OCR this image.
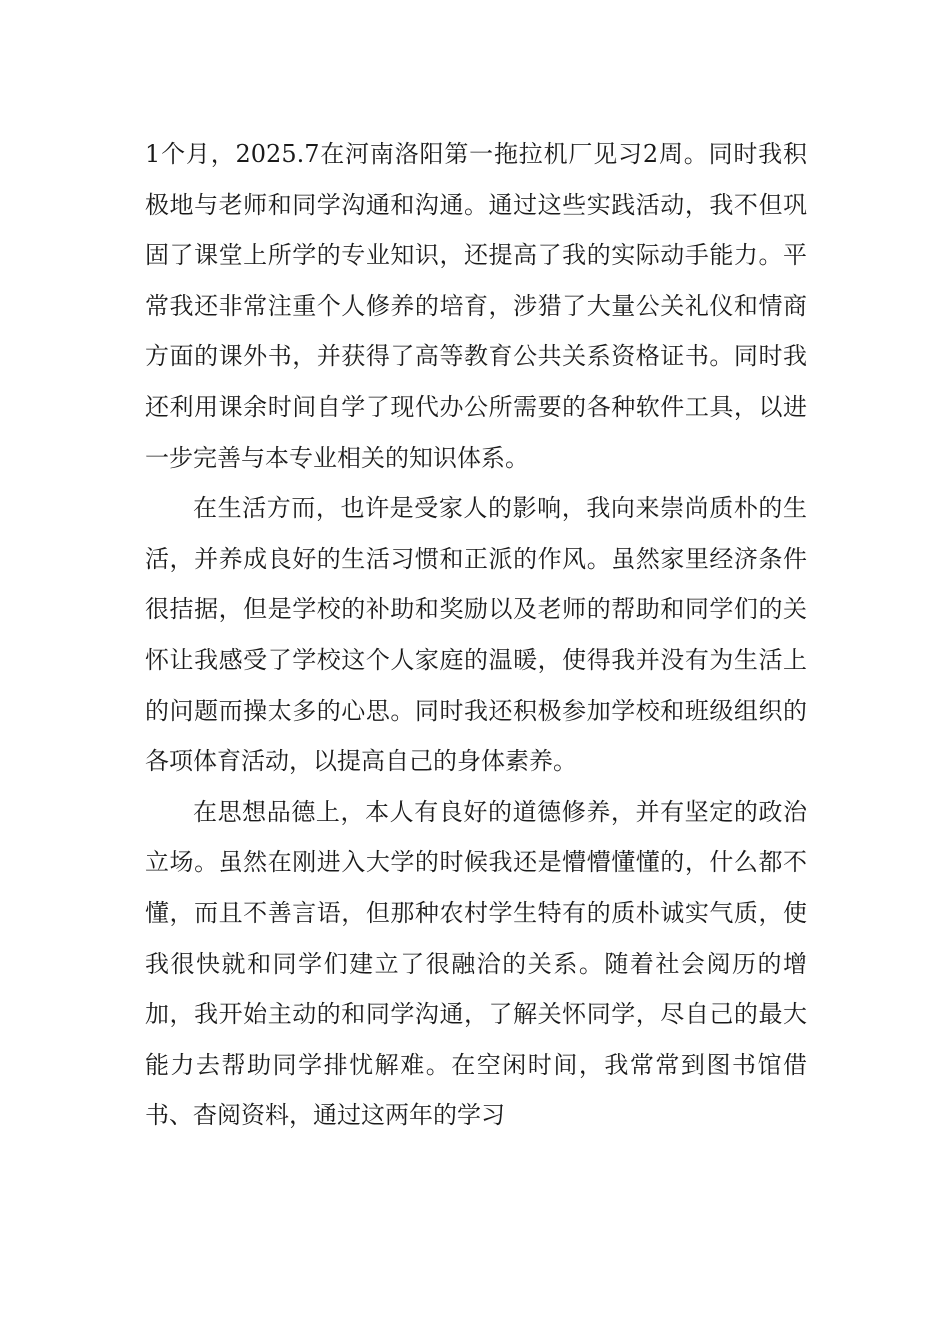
1个月，2025.7在河南洛阳第一拖拉机厂见习2周。同时我积极地与老师和同学沟通和沟通。通过这些实践活动，我不但巩固了课堂上所学的专业知识，还提高了我的实际动手能力。平常我还非常注重个人修养的培育，涉猎了大量公关礼仪和情商方面的课外书，并获得了高等教育公共关系资格证书。同时我还利用课余时间自学了现代办公所需要的各种软件工具，以进一步完善与本专业相关的知识体系。

在生活方而，也许是受家人的影响，我向来崇尚质朴的生活，并养成良好的生活习惯和正派的作风。虽然家里经济条件很拮据，但是学校的补助和奖励以及老师的帮助和同学们的关怀让我感受了学校这个人家庭的温暖，使得我并没有为生活上的问题而操太多的心思。同时我还积极参加学校和班级组织的各项体育活动，以提高自己的身体素养。

在思想品德上，本人有良好的道德修养，并有坚定的政治立场。虽然在刚进入大学的时候我还是懵懵懂懂的，什么都不懂，而且不善言语，但那种农村学生特有的质朴诚实气质，使我很快就和同学们建立了很融洽的关系。随着社会阅历的增加，我开始主动的和同学沟通，了解关怀同学，尽自己的最大能力去帮助同学排忧解难。在空闲时间，我常常到图书馆借书、杳阅资料，通过这两年的学习
